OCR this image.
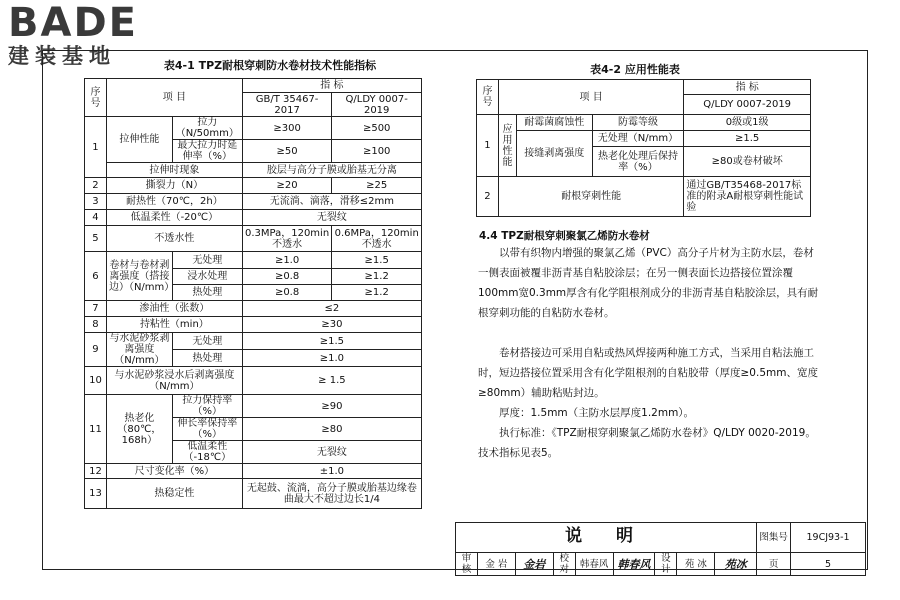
BADE
建装基地	表4-1 TPZ耐根穿刺防水卷材技术性能指标
序号	项 目		指 标	
			GB/T 35467-2017	Q/LDY 0007-2019
1	拉伸性能	拉力（N/50mm）	≥300	≥500
		最大拉力时延伸率（%）	≥50	≥100
	拉伸时现象		胶层与高分子膜或胎基无分离	
2	撕裂力（N）		≥20	≥25
3	耐热性（70℃，2h）		无流淌、滴落，滑移≤2mm	
4	低温柔性（-20℃）		无裂纹	
5	不透水性		0.3MPa，120min不透水	0.6MPa，120min不透水
6	卷材与卷材剥离强度（搭接边）（N/mm）	无处理	≥1.0	≥1.5
		浸水处理	≥0.8	≥1.2
		热处理	≥0.8	≥1.2
7	渗油性（张数）		≤2	
8	持粘性（min）		≥30	
9	与水泥砂浆剥离强度（N/mm）	无处理	≥1.5	
		热处理	≥1.0	
10	与水泥砂浆浸水后剥离强度（N/mm）		≥ 1.5	
11	热老化（80℃，168h）	拉力保持率（%）	≥90	
		伸长率保持率（%）	≥80	
		低温柔性（-18℃）	无裂纹	
12	尺寸变化率（%）		±1.0	
13	热稳定性		无起鼓、流淌，高分子膜或胎基边缘卷曲最大不超过边长1/4	
表4-2 应用性能表
序号	项 目			指 标
				Q/LDY 0007-2019
1	应用性能	耐霉菌腐蚀性	防霉等级	0级或1级
		接缝剥离强度	无处理（N/mm）	≥1.5
			热老化处理后保持率（%）	≥80或卷材破坏
2	耐根穿刺性能			通过GB/T35468-2017标准的附录A耐根穿刺性能试验
4.4 TPZ耐根穿刺聚氯乙烯防水卷材

以带有织物内增强的聚氯乙烯（PVC）高分子片材为主防水层，卷材一侧表面被覆非沥青基自粘胶涂层；在另一侧表面长边搭接位置涂覆100mm宽0.3mm厚含有化学阻根剂成分的非沥青基自粘胶涂层，具有耐根穿刺功能的自粘防水卷材。

卷材搭接边可采用自粘或热风焊接两种施工方式，当采用自粘法施工时，短边搭接位置采用含有化学阻根剂的自粘胶带（厚度≥0.5mm、宽度≥80mm）辅助粘贴封边。

厚度：1.5mm（主防水层厚度1.2mm）。

执行标准：《TPZ耐根穿刺聚氯乙烯防水卷材》Q/LDY 0020-2019。技术指标见表5。

说 明									图集号	19CJ93-1
审核	金 岩	金岩	校对	韩春风	韩春风	设计	苑 冰	苑冰	页	5
